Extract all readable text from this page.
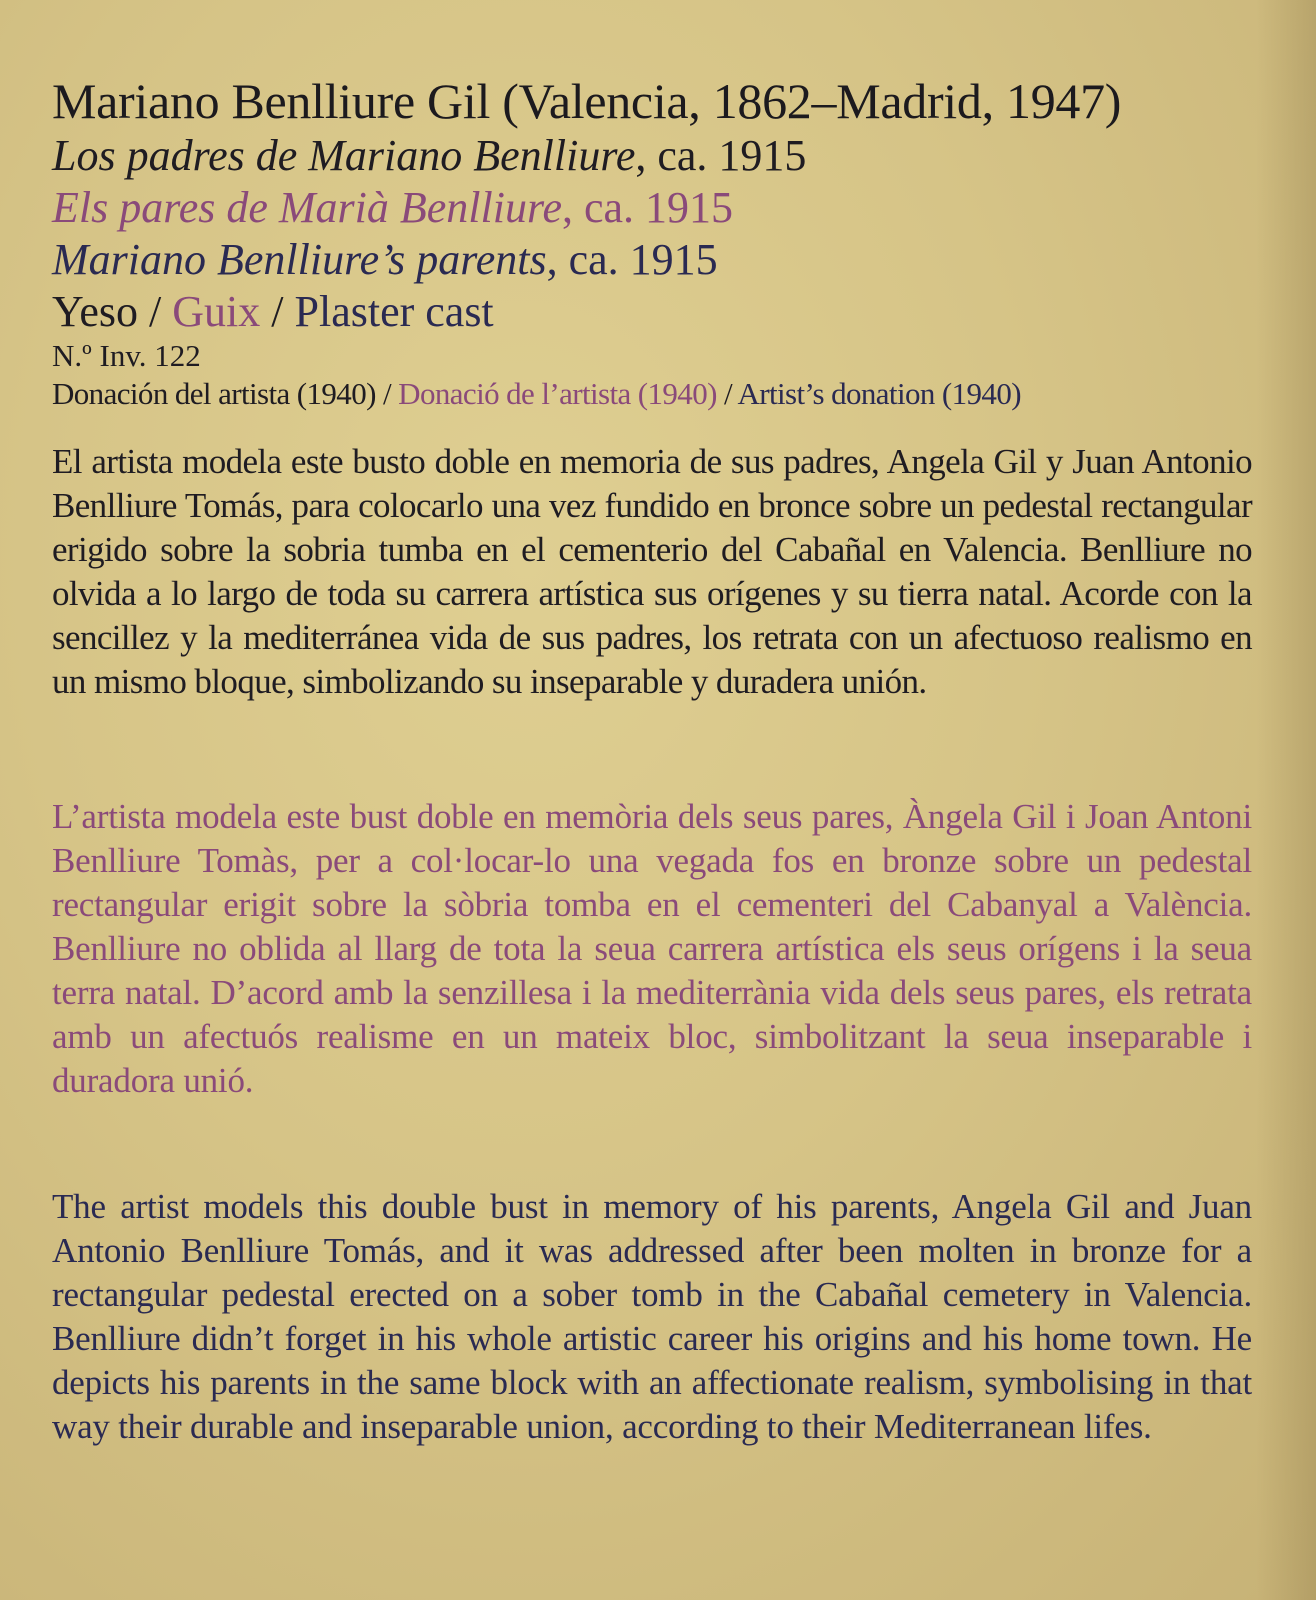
Mariano Benlliure Gil (Valencia, 1862–Madrid, 1947)

Los padres de Mariano Benlliure, ca. 1915

Els pares de Marià Benlliure, ca. 1915

Mariano Benlliure’s parents, ca. 1915

Yeso / Guix / Plaster cast

N.º Inv. 122

Donación del artista (1940) / Donació de l’artista (1940) / Artist’s donation (1940)

El artista modela este busto doble en memoria de sus padres, Angela Gil y Juan Antonio Benlliure Tomás, para colocarlo una vez fundido en bronce sobre un pedestal rectangular erigido sobre la sobria tumba en el cementerio del Cabañal en Valencia. Benlliure no olvida a lo largo de toda su carrera artística sus orígenes y su tierra natal. Acorde con la sencillez y la mediterránea vida de sus padres, los retrata con un afectuoso realismo en un mismo bloque, simbolizando su inseparable y duradera unión.

L’artista modela este bust doble en memòria dels seus pares, Àngela Gil i Joan Antoni Benlliure Tomàs, per a col·locar-lo una vegada fos en bronze sobre un pedestal rectangular erigit sobre la sòbria tomba en el cementeri del Cabanyal a València. Benlliure no oblida al llarg de tota la seua carrera artística els seus orígens i la seua terra natal. D’acord amb la senzillesa i la mediterrània vida dels seus pares, els retrata amb un afectuós realisme en un mateix bloc, simbolitzant la seua inseparable i duradora unió.

The artist models this double bust in memory of his parents, Angela Gil and Juan Antonio Benlliure Tomás, and it was addressed after been molten in bronze for a rectangular pedestal erected on a sober tomb in the Cabañal cemetery in Valencia. Benlliure didn’t forget in his whole artistic career his origins and his home town. He depicts his parents in the same block with an affectionate realism, symbolising in that way their durable and inseparable union, according to their Mediterranean lifes.
